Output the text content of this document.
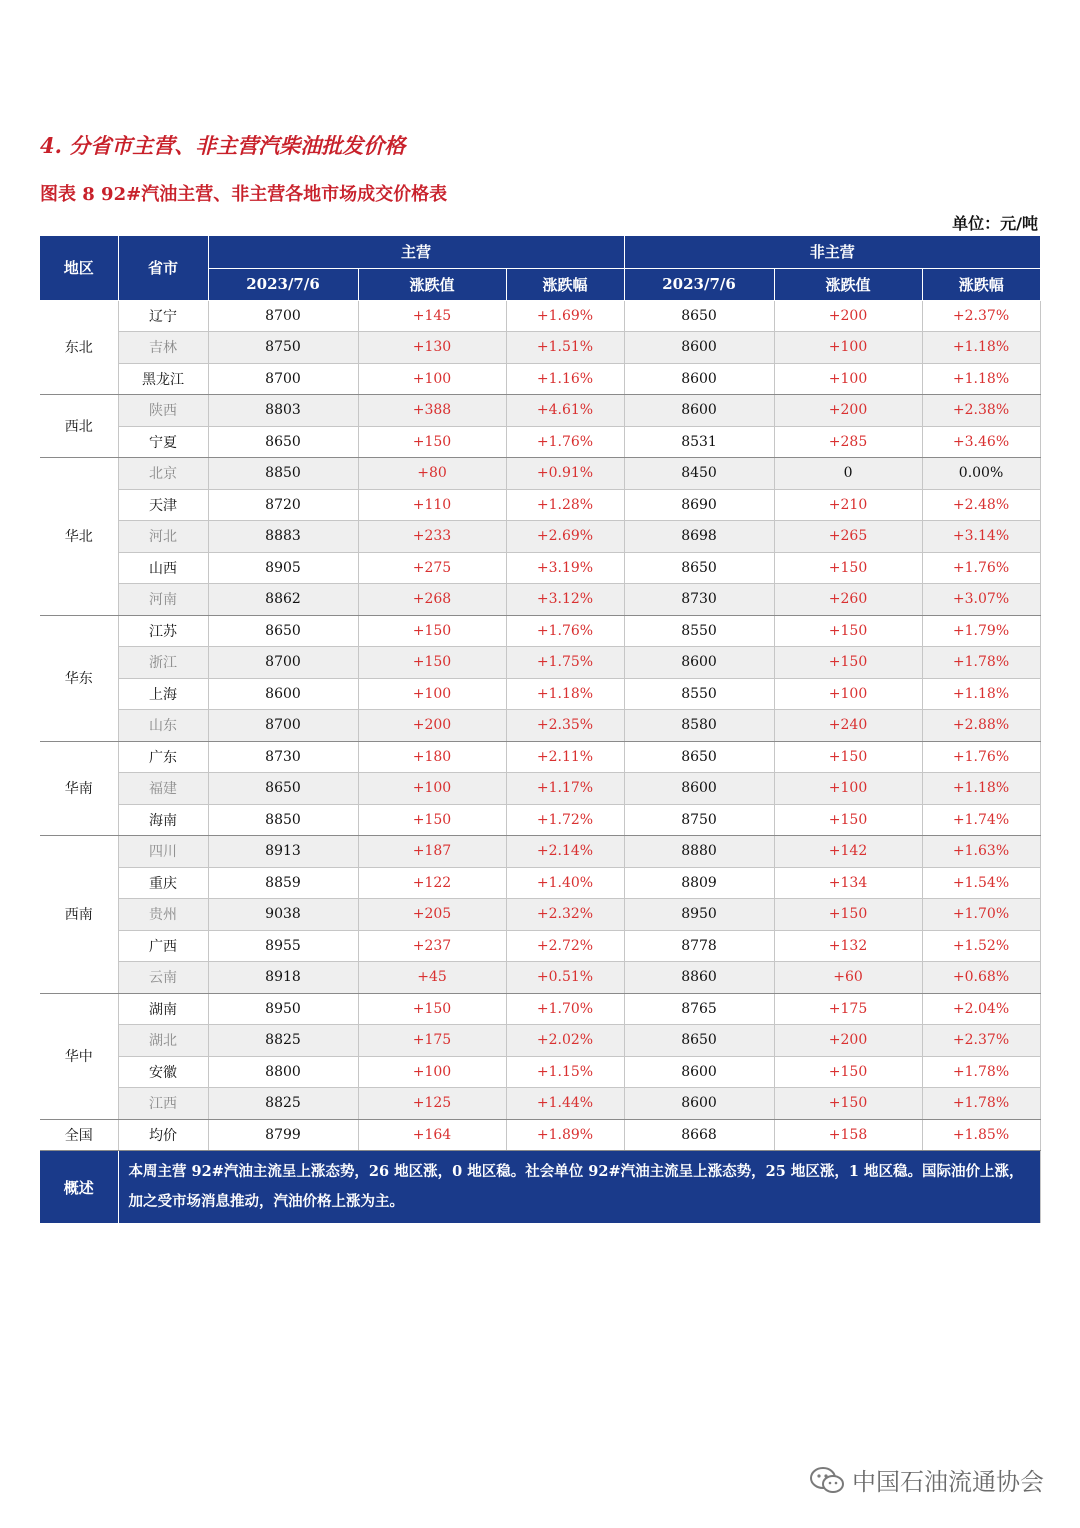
4. 分省市主营、非主营汽柴油批发价格
图表 8 92#汽油主营、非主营各地市场成交价格表
单位：元/吨
地区	省市	主营			非主营		
		2023/7/6	涨跌值	涨跌幅	2023/7/6	涨跌值	涨跌幅
东北	辽宁	8700	+145	+1.69%	8650	+200	+2.37%
	吉林	8750	+130	+1.51%	8600	+100	+1.18%
	黑龙江	8700	+100	+1.16%	8600	+100	+1.18%
西北	陕西	8803	+388	+4.61%	8600	+200	+2.38%
	宁夏	8650	+150	+1.76%	8531	+285	+3.46%
华北	北京	8850	+80	+0.91%	8450	0	0.00%
	天津	8720	+110	+1.28%	8690	+210	+2.48%
	河北	8883	+233	+2.69%	8698	+265	+3.14%
	山西	8905	+275	+3.19%	8650	+150	+1.76%
	河南	8862	+268	+3.12%	8730	+260	+3.07%
华东	江苏	8650	+150	+1.76%	8550	+150	+1.79%
	浙江	8700	+150	+1.75%	8600	+150	+1.78%
	上海	8600	+100	+1.18%	8550	+100	+1.18%
	山东	8700	+200	+2.35%	8580	+240	+2.88%
华南	广东	8730	+180	+2.11%	8650	+150	+1.76%
	福建	8650	+100	+1.17%	8600	+100	+1.18%
	海南	8850	+150	+1.72%	8750	+150	+1.74%
西南	四川	8913	+187	+2.14%	8880	+142	+1.63%
	重庆	8859	+122	+1.40%	8809	+134	+1.54%
	贵州	9038	+205	+2.32%	8950	+150	+1.70%
	广西	8955	+237	+2.72%	8778	+132	+1.52%
	云南	8918	+45	+0.51%	8860	+60	+0.68%
华中	湖南	8950	+150	+1.70%	8765	+175	+2.04%
	湖北	8825	+175	+2.02%	8650	+200	+2.37%
	安徽	8800	+100	+1.15%	8600	+150	+1.78%
	江西	8825	+125	+1.44%	8600	+150	+1.78%
全国	均价	8799	+164	+1.89%	8668	+158	+1.85%
概述	本周主营 92#汽油主流呈上涨态势，26 地区涨，0 地区稳。社会单位 92#汽油主流呈上涨态势，25 地区涨，1 地区稳。国际油价上涨，加之受市场消息推动，汽油价格上涨为主。						
中国石油流通协会
